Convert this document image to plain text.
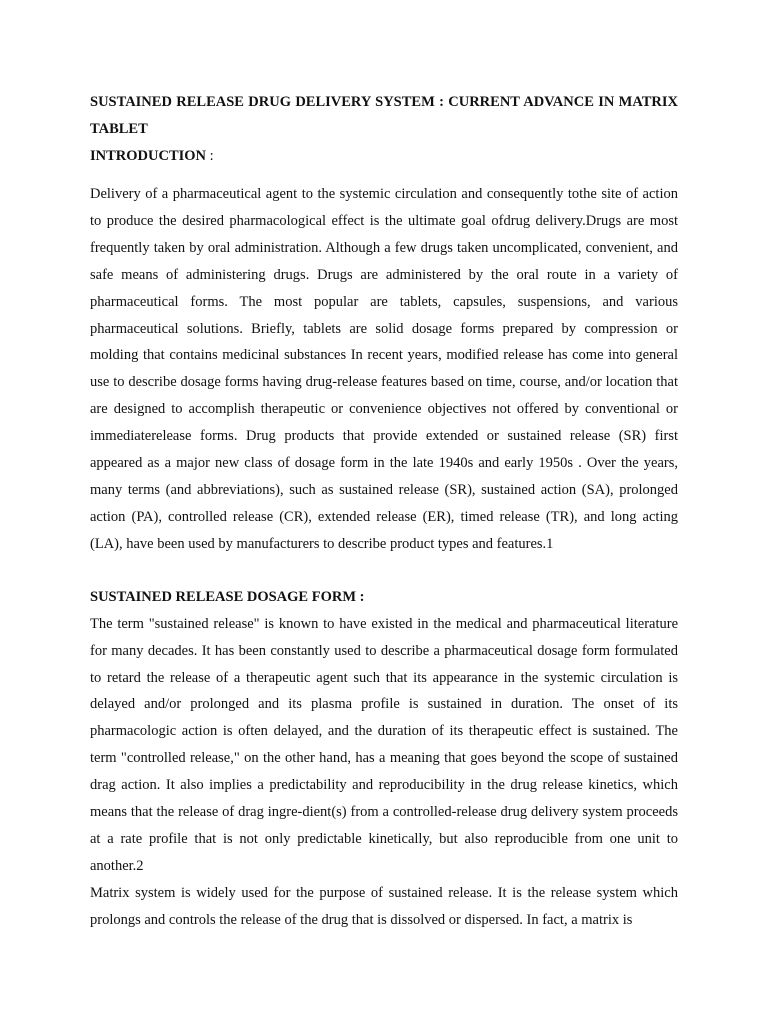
SUSTAINED RELEASE DRUG DELIVERY SYSTEM : CURRENT ADVANCE IN MATRIX TABLET

INTRODUCTION :

Delivery of a pharmaceutical agent to the systemic circulation and consequently tothe site of action to produce the desired pharmacological effect is the ultimate goal ofdrug delivery.Drugs are most frequently taken by oral administration. Although a few drugs taken uncomplicated, convenient, and safe means of administering drugs. Drugs are administered by the oral route in a variety of pharmaceutical forms. The most popular are tablets, capsules, suspensions, and various pharmaceutical solutions. Briefly, tablets are solid dosage forms prepared by compression or molding that contains medicinal substances In recent years, modified release has come into general use to describe dosage forms having drug-release features based on time, course, and/or location that are designed to accomplish therapeutic or convenience objectives not offered by conventional or immediaterelease forms. Drug products that provide extended or sustained release (SR) first appeared as a major new class of dosage form in the late 1940s and early 1950s . Over the years, many terms (and abbreviations), such as sustained release (SR), sustained action (SA), prolonged action (PA), controlled release (CR), extended release (ER), timed release (TR), and long acting (LA), have been used by manufacturers to describe product types and features.1

SUSTAINED RELEASE DOSAGE FORM :

The term "sustained release" is known to have existed in the medical and pharmaceutical literature for many decades. It has been constantly used to describe a pharmaceutical dosage form formulated to retard the release of a therapeutic agent such that its appearance in the systemic circulation is delayed and/or prolonged and its plasma profile is sustained in duration. The onset of its pharmacologic action is often delayed, and the duration of its therapeutic effect is sustained. The term "controlled release," on the other hand, has a meaning that goes beyond the scope of sustained drag action. It also implies a predictability and reproducibility in the drug release kinetics, which means that the release of drag ingre-dient(s) from a controlled-release drug delivery system proceeds at a rate profile that is not only predictable kinetically, but also reproducible from one unit to another.2

Matrix system is widely used for the purpose of sustained release. It is the release system which prolongs and controls the release of the drug that is dissolved or dispersed. In fact, a matrix is
